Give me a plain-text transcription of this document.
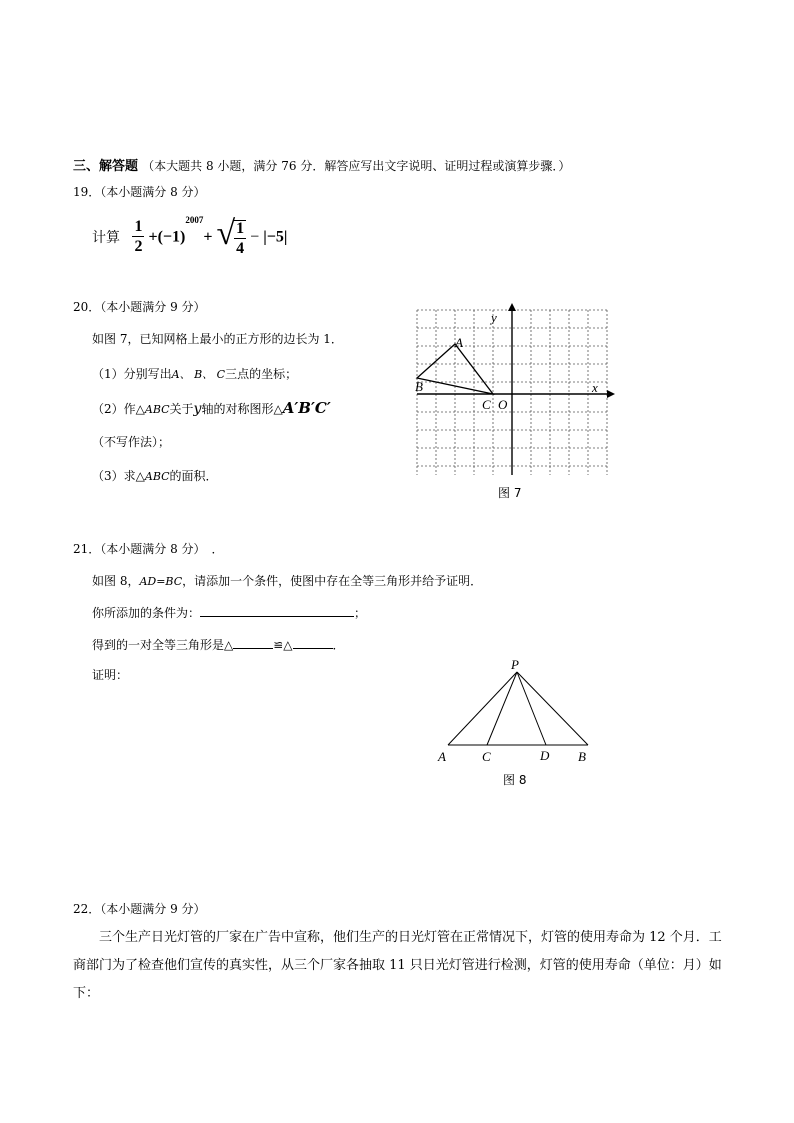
三、解答题 （本大题共 8 小题，满分 76 分．解答应写出文字说明、证明过程或演算步骤．）
19．（本小题满分 8 分）
计算 $\frac{1}{2} +(-1)^{2007}+$ √ $\frac{1}{4} - |-5|$
20．（本小题满分 9 分）
如图 7，已知网格上最小的正方形的边长为 1．
（1）分别写出A、 B、 C三点的坐标；
（2）作△ABC关于y轴的对称图形△A′B′C′
（不写作法）；
（3）求△ABC的面积．
y
x
A
B
C O
图 7
21．（本小题满分 8 分）　．
如图 8，AD=BC，请添加一个条件，使图中存在全等三角形并给予证明．
你所添加的条件为：	；
得到的一对全等三角形是△	≌△	．
证明：
P
A	C	D B
图 8
22．（本小题满分 9 分）
三个生产日光灯管的厂家在广告中宣称，他们生产的日光灯管在正常情况下，灯管的使用寿命为 12 个月．工商部门为了检查他们宣传的真实性，从三个厂家各抽取 11 只日光灯管进行检测，灯管的使用寿命（单位：月）如下：
